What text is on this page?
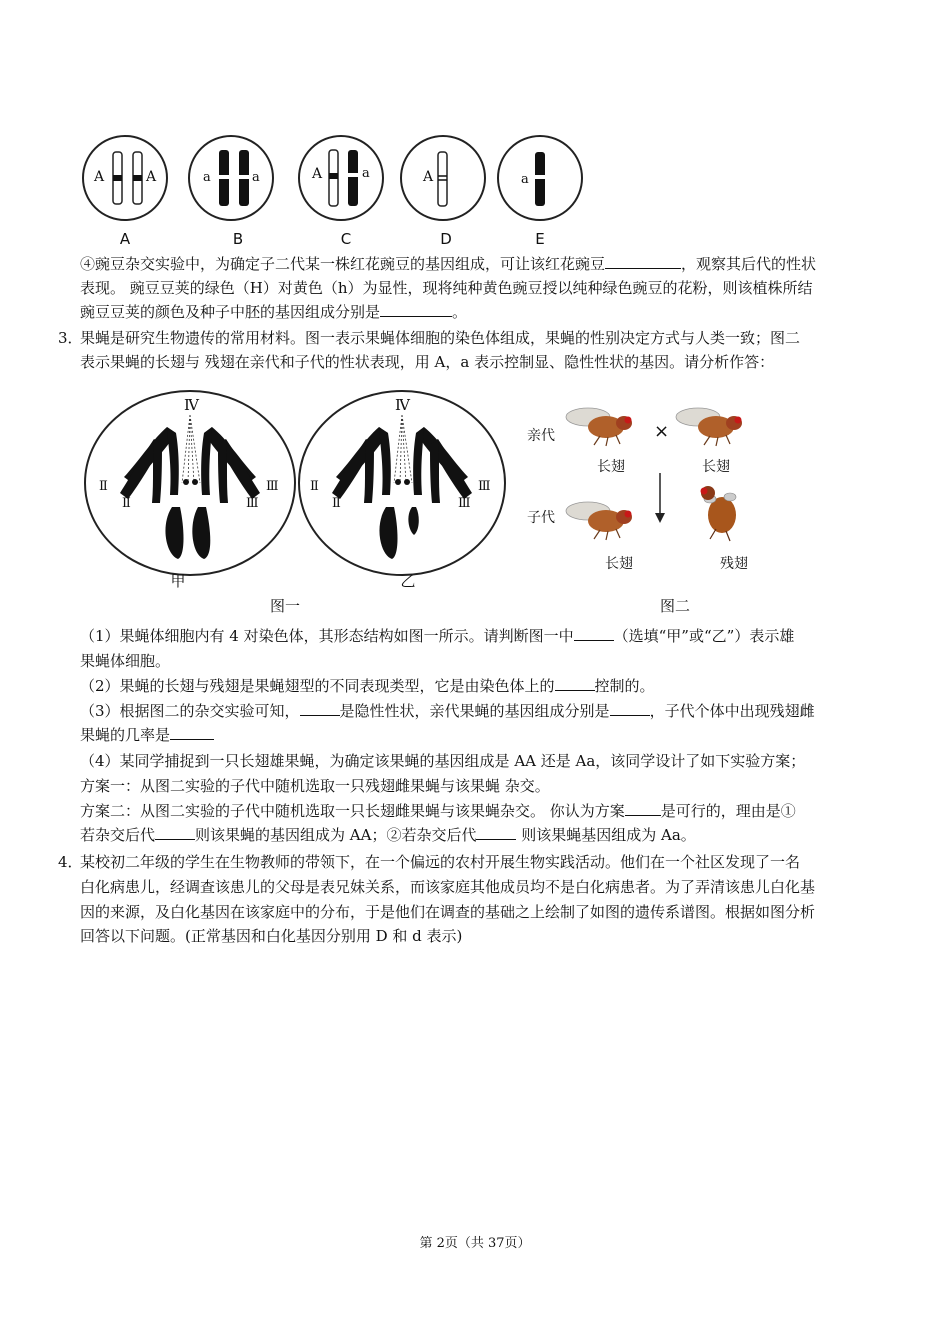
A	A	a	a	A	a	A	a
A	B	C	D	E
④豌豆杂交实验中，为确定子二代某一株红花豌豆的基因组成，可让该红花豌豆	，观察其后代的性状
表现。 豌豆豆荚的绿色（H）对黄色（h）为显性，现将纯种黄色豌豆授以纯种绿色豌豆的花粉，则该植株所结
豌豆豆荚的颜色及种子中胚的基因组成分别是	。
3．
果蝇是研究生物遗传的常用材料。图一表示果蝇体细胞的染色体组成，果蝇的性别决定方式与人类一致；图二
表示果蝇的长翅与 残翅在亲代和子代的性状表现，用 A，a 表示控制显、隐性性状的基因。请分析作答：
Ⅳ
Ⅱ
Ⅱ
Ⅲ
Ⅲ
Ⅳ
Ⅱ
Ⅱ
Ⅲ
Ⅲ
甲	乙
图一
亲代
子代
×
长翅	长翅
长翅	残翅
图二
（1）果蝇体细胞内有 4 对染色体，其形态结构如图一所示。请判断图一中	（选填“甲”或“乙”）表示雄
果蝇体细胞。
（2）果蝇的长翅与残翅是果蝇翅型的不同表现类型，它是由染色体上的	控制的。
（3）根据图二的杂交实验可知，	是隐性性状，亲代果蝇的基因组成分别是	，子代个体中出现残翅雌
果蝇的几率是
（4）某同学捕捉到一只长翅雄果蝇，为确定该果蝇的基因组成是 AA 还是 Aa，该同学设计了如下实验方案；
方案一：从图二实验的子代中随机选取一只残翅雌果蝇与该果蝇 杂交。
方案二：从图二实验的子代中随机选取一只长翅雌果蝇与该果蝇杂交。 你认为方案 是可行的，理由是①
若杂交后代	则该果蝇的基因组成为 AA；②若杂交后代	则该果蝇基因组成为 Aa。
4．
某校初二年级的学生在生物教师的带领下，在一个偏远的农村开展生物实践活动。他们在一个社区发现了一名
白化病患儿，经调查该患儿的父母是表兄妹关系，而该家庭其他成员均不是白化病患者。为了弄清该患儿白化基
因的来源，及白化基因在该家庭中的分布，于是他们在调查的基础之上绘制了如图的遗传系谱图。根据如图分析
回答以下问题。(正常基因和白化基因分别用 D 和 d 表示)
第 2页（共 37页）
